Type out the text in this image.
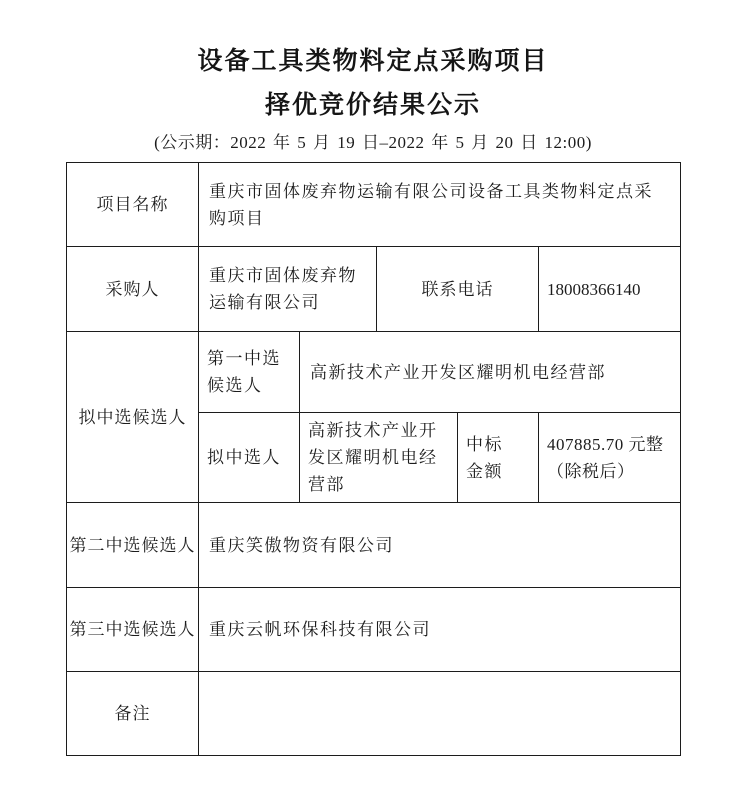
设备工具类物料定点采购项目
择优竞价结果公示
(公示期：2022 年 5 月 19 日–2022 年 5 月 20 日 12:00)
项目名称	重庆市固体废弃物运输有限公司设备工具类物料定点采购项目				
采购人	重庆市固体废弃物运输有限公司		联系电话		18008366140
拟中选候选人	第一中选候选人	高新技术产业开发区耀明机电经营部			
	拟中选人	高新技术产业开发区耀明机电经营部		中标金额	407885.70 元整（除税后）
第二中选候选人	重庆笑傲物资有限公司				
第三中选候选人	重庆云帆环保科技有限公司				
备注					
